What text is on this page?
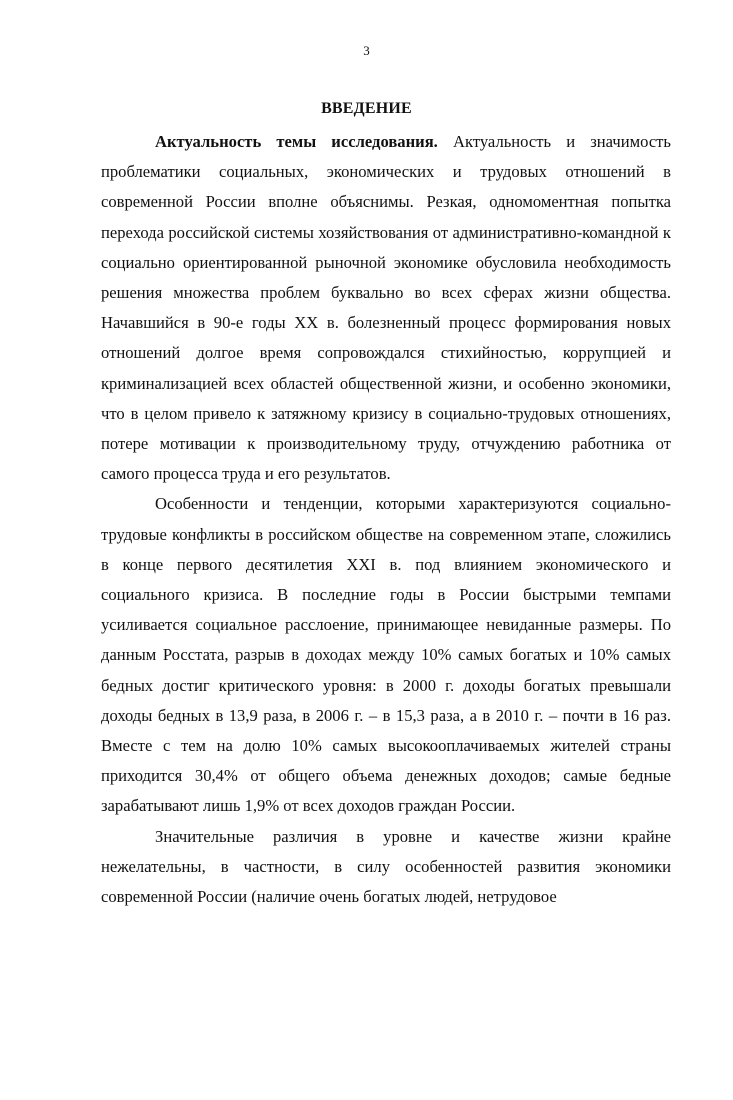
3
ВВЕДЕНИЕ

Актуальность темы исследования. Актуальность и значимость проблематики социальных, экономических и трудовых отношений в современной России вполне объяснимы. Резкая, одномоментная попытка перехода российской системы хозяйствования от административно-командной к социально ориентированной рыночной экономике обусловила необходимость решения множества проблем буквально во всех сферах жизни общества. Начавшийся в 90-е годы XX в. болезненный процесс формирования новых отношений долгое время сопровождался стихийностью, коррупцией и криминализацией всех областей общественной жизни, и особенно экономики, что в целом привело к затяжному кризису в социально-трудовых отношениях, потере мотивации к производительному труду, отчуждению работника от самого процесса труда и его результатов.

Особенности и тенденции, которыми характеризуются социально-трудовые конфликты в российском обществе на современном этапе, сложились в конце первого десятилетия XXI в. под влиянием экономического и социального кризиса. В последние годы в России быстрыми темпами усиливается социальное расслоение, принимающее невиданные размеры. По данным Росстата, разрыв в доходах между 10% самых богатых и 10% самых бедных достиг критического уровня: в 2000 г. доходы богатых превышали доходы бедных в 13,9 раза, в 2006 г. – в 15,3 раза, а в 2010 г. – почти в 16 раз. Вместе с тем на долю 10% самых высокооплачиваемых жителей страны приходится 30,4% от общего объема денежных доходов; самые бедные зарабатывают лишь 1,9% от всех доходов граждан России.

Значительные различия в уровне и качестве жизни крайне нежелательны, в частности, в силу особенностей развития экономики современной России (наличие очень богатых людей, нетрудовое
